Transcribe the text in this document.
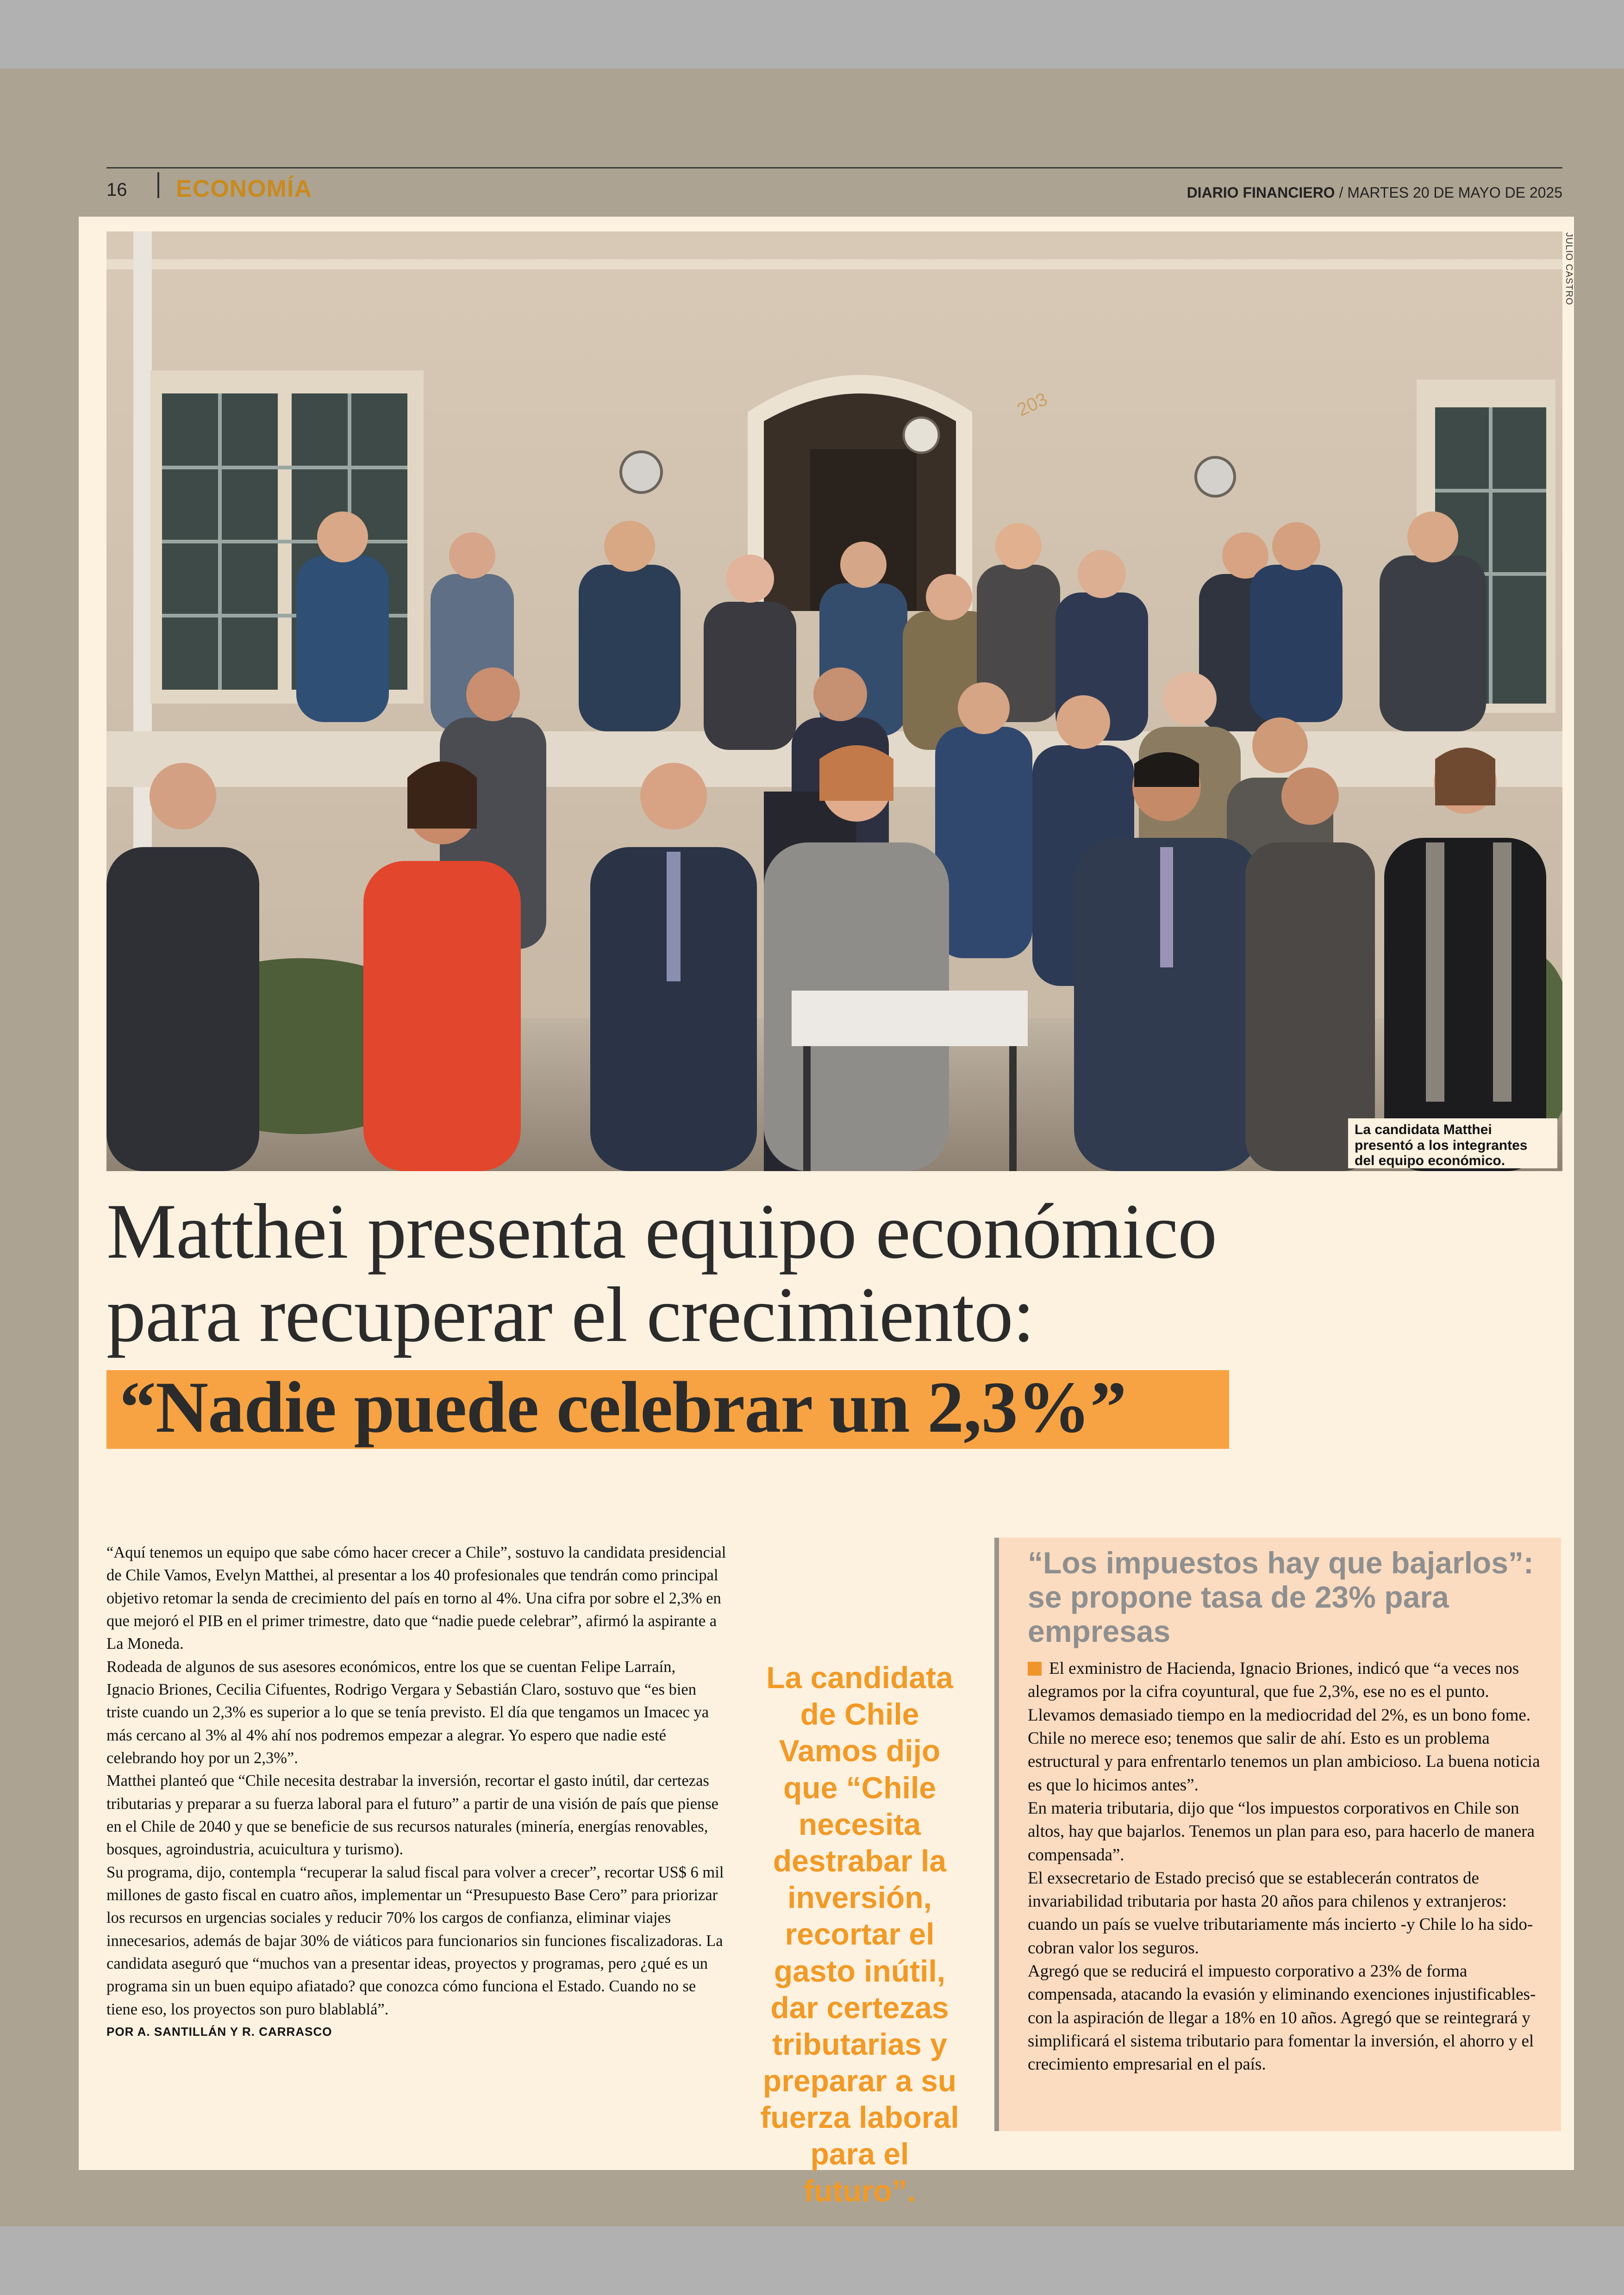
16 ECONOMÍA	DIARIO FINANCIERO / MARTES 20 DE MAYO DE 2025
203
JULIO CASTRO
La candidata Matthei presentó a los integrantes del equipo económico.
Matthei presenta equipo económico
para recuperar el crecimiento:
“Nadie puede celebrar un 2,3%”

“Aquí tenemos un equipo que sabe cómo hacer crecer a Chile”, sostuvo la candidata presidencial de Chile Vamos, Evelyn Matthei, al presentar a los 40 profesionales que tendrán como principal objetivo retomar la senda de crecimiento del país en torno al 4%. Una cifra por sobre el 2,3% en que mejoró el PIB en el primer trimestre, dato que “nadie puede celebrar”, afirmó la aspirante a La Moneda.

Rodeada de algunos de sus asesores económicos, entre los que se cuentan Felipe Larraín, Ignacio Briones, Cecilia Cifuentes, Rodrigo Vergara y Sebastián Claro, sostuvo que “es bien triste cuando un 2,3% es superior a lo que se tenía previsto. El día que tengamos un Imacec ya más cercano al 3% al 4% ahí nos podremos empezar a alegrar. Yo espero que nadie esté celebrando hoy por un 2,3%”.

Matthei planteó que “Chile necesita destrabar la inversión, recortar el gasto inútil, dar certezas tributarias y preparar a su fuerza laboral para el futuro” a partir de una visión de país que piense en el Chile de 2040 y que se beneficie de sus recursos naturales (minería, energías renovables, bosques, agroindustria, acuicultura y turismo).

Su programa, dijo, contempla “recuperar la salud fiscal para volver a crecer”, recortar US$ 6 mil millones de gasto fiscal en cuatro años, implementar un “Presupuesto Base Cero” para priorizar los recursos en urgencias sociales y reducir 70% los cargos de confianza, eliminar viajes innecesarios, además de bajar 30% de viáticos para funcionarios sin funciones fiscalizadoras. La candidata aseguró que “muchos van a presentar ideas, proyectos y programas, pero ¿qué es un programa sin un buen equipo afiatado? que conozca cómo funciona el Estado. Cuando no se tiene eso, los proyectos son puro blablablá”.

POR A. SANTILLÁN Y R. CARRASCO

La candidata de Chile Vamos dijo que “Chile necesita destrabar la inversión, recortar el gasto inútil, dar certezas tributarias y preparar a su fuerza laboral para el futuro”.
“Los impuestos hay que bajarlos”: se propone tasa de 23% para empresas

El exministro de Hacienda, Ignacio Briones, indicó que “a veces nos alegramos por la cifra coyuntural, que fue 2,3%, ese no es el punto. Llevamos demasiado tiempo en la mediocridad del 2%, es un bono fome. Chile no merece eso; tenemos que salir de ahí. Esto es un problema estructural y para enfrentarlo tenemos un plan ambicioso. La buena noticia es que lo hicimos antes”.

En materia tributaria, dijo que “los impuestos corporativos en Chile son altos, hay que bajarlos. Tenemos un plan para eso, para hacerlo de manera compensada”.

El exsecretario de Estado precisó que se establecerán contratos de invariabilidad tributaria por hasta 20 años para chilenos y extranjeros: cuando un país se vuelve tributariamente más incierto -y Chile lo ha sido- cobran valor los seguros.

Agregó que se reducirá el impuesto corporativo a 23% de forma compensada, atacando la evasión y eliminando exenciones injustificables- con la aspiración de llegar a 18% en 10 años. Agregó que se reintegrará y simplificará el sistema tributario para fomentar la inversión, el ahorro y el crecimiento empresarial en el país.
